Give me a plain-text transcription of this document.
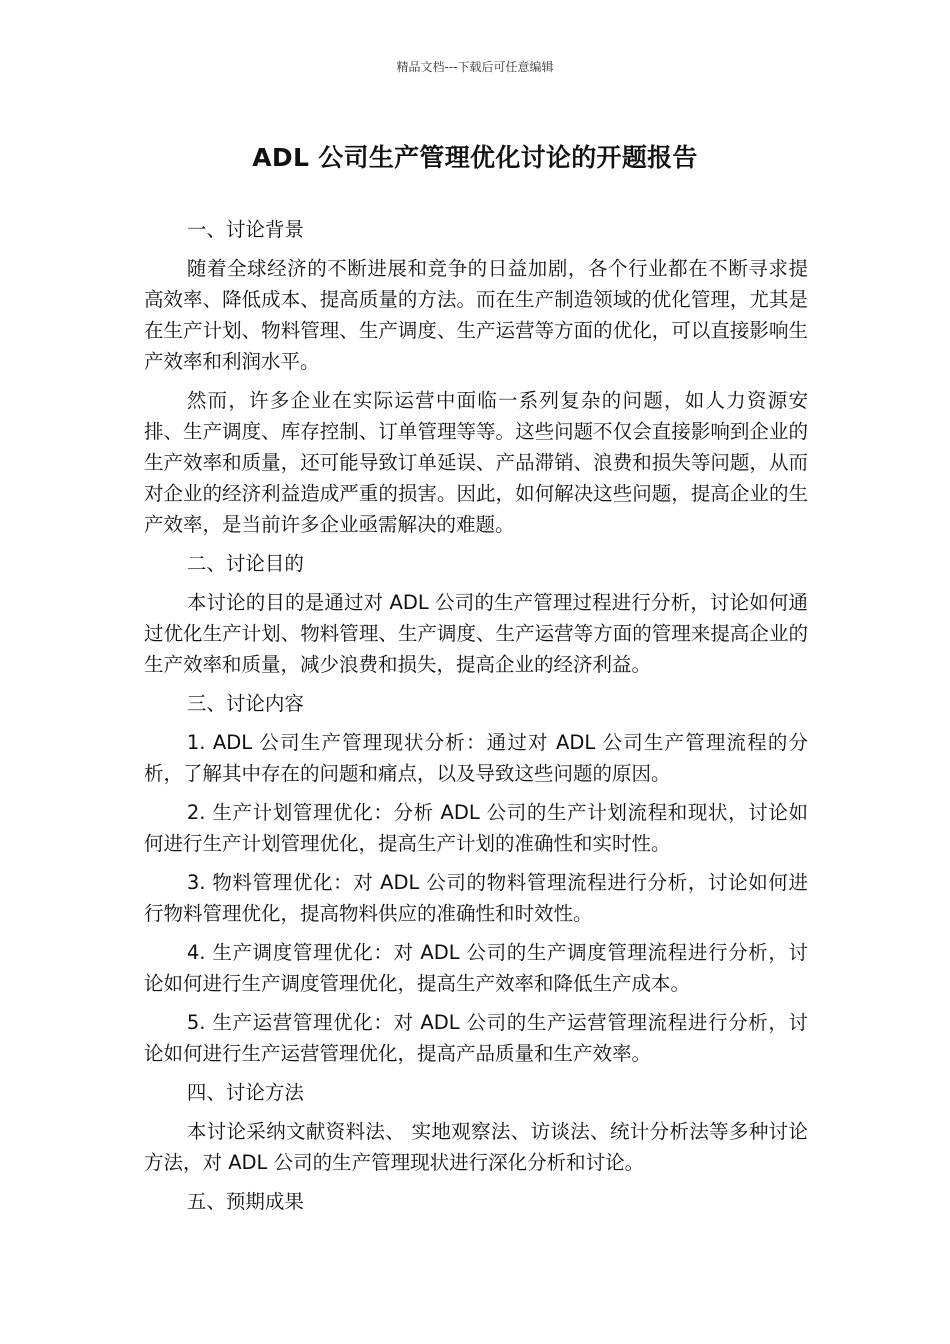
精品文档---下载后可任意编辑
ADL 公司生产管理优化讨论的开题报告

一、讨论背景

随着全球经济的不断进展和竞争的日益加剧，各个行业都在不断寻求提高效率、降低成本、提高质量的方法。而在生产制造领域的优化管理，尤其是在生产计划、物料管理、生产调度、生产运营等方面的优化，可以直接影响生产效率和利润水平。

然而，许多企业在实际运营中面临一系列复杂的问题，如人力资源安排、生产调度、库存控制、订单管理等等。这些问题不仅会直接影响到企业的生产效率和质量，还可能导致订单延误、产品滞销、浪费和损失等问题，从而对企业的经济利益造成严重的损害。因此，如何解决这些问题，提高企业的生产效率，是当前许多企业亟需解决的难题。

二、讨论目的

本讨论的目的是通过对 ADL 公司的生产管理过程进行分析，讨论如何通过优化生产计划、物料管理、生产调度、生产运营等方面的管理来提高企业的生产效率和质量，减少浪费和损失，提高企业的经济利益。

三、讨论内容

1. ADL 公司生产管理现状分析：通过对 ADL 公司生产管理流程的分析，了解其中存在的问题和痛点，以及导致这些问题的原因。

2. 生产计划管理优化：分析 ADL 公司的生产计划流程和现状，讨论如何进行生产计划管理优化，提高生产计划的准确性和实时性。

3. 物料管理优化：对 ADL 公司的物料管理流程进行分析，讨论如何进行物料管理优化，提高物料供应的准确性和时效性。

4. 生产调度管理优化：对 ADL 公司的生产调度管理流程进行分析，讨论如何进行生产调度管理优化，提高生产效率和降低生产成本。

5. 生产运营管理优化：对 ADL 公司的生产运营管理流程进行分析，讨论如何进行生产运营管理优化，提高产品质量和生产效率。

四、讨论方法

本讨论采纳文献资料法、 实地观察法、访谈法、统计分析法等多种讨论方法，对 ADL 公司的生产管理现状进行深化分析和讨论。

五、预期成果
